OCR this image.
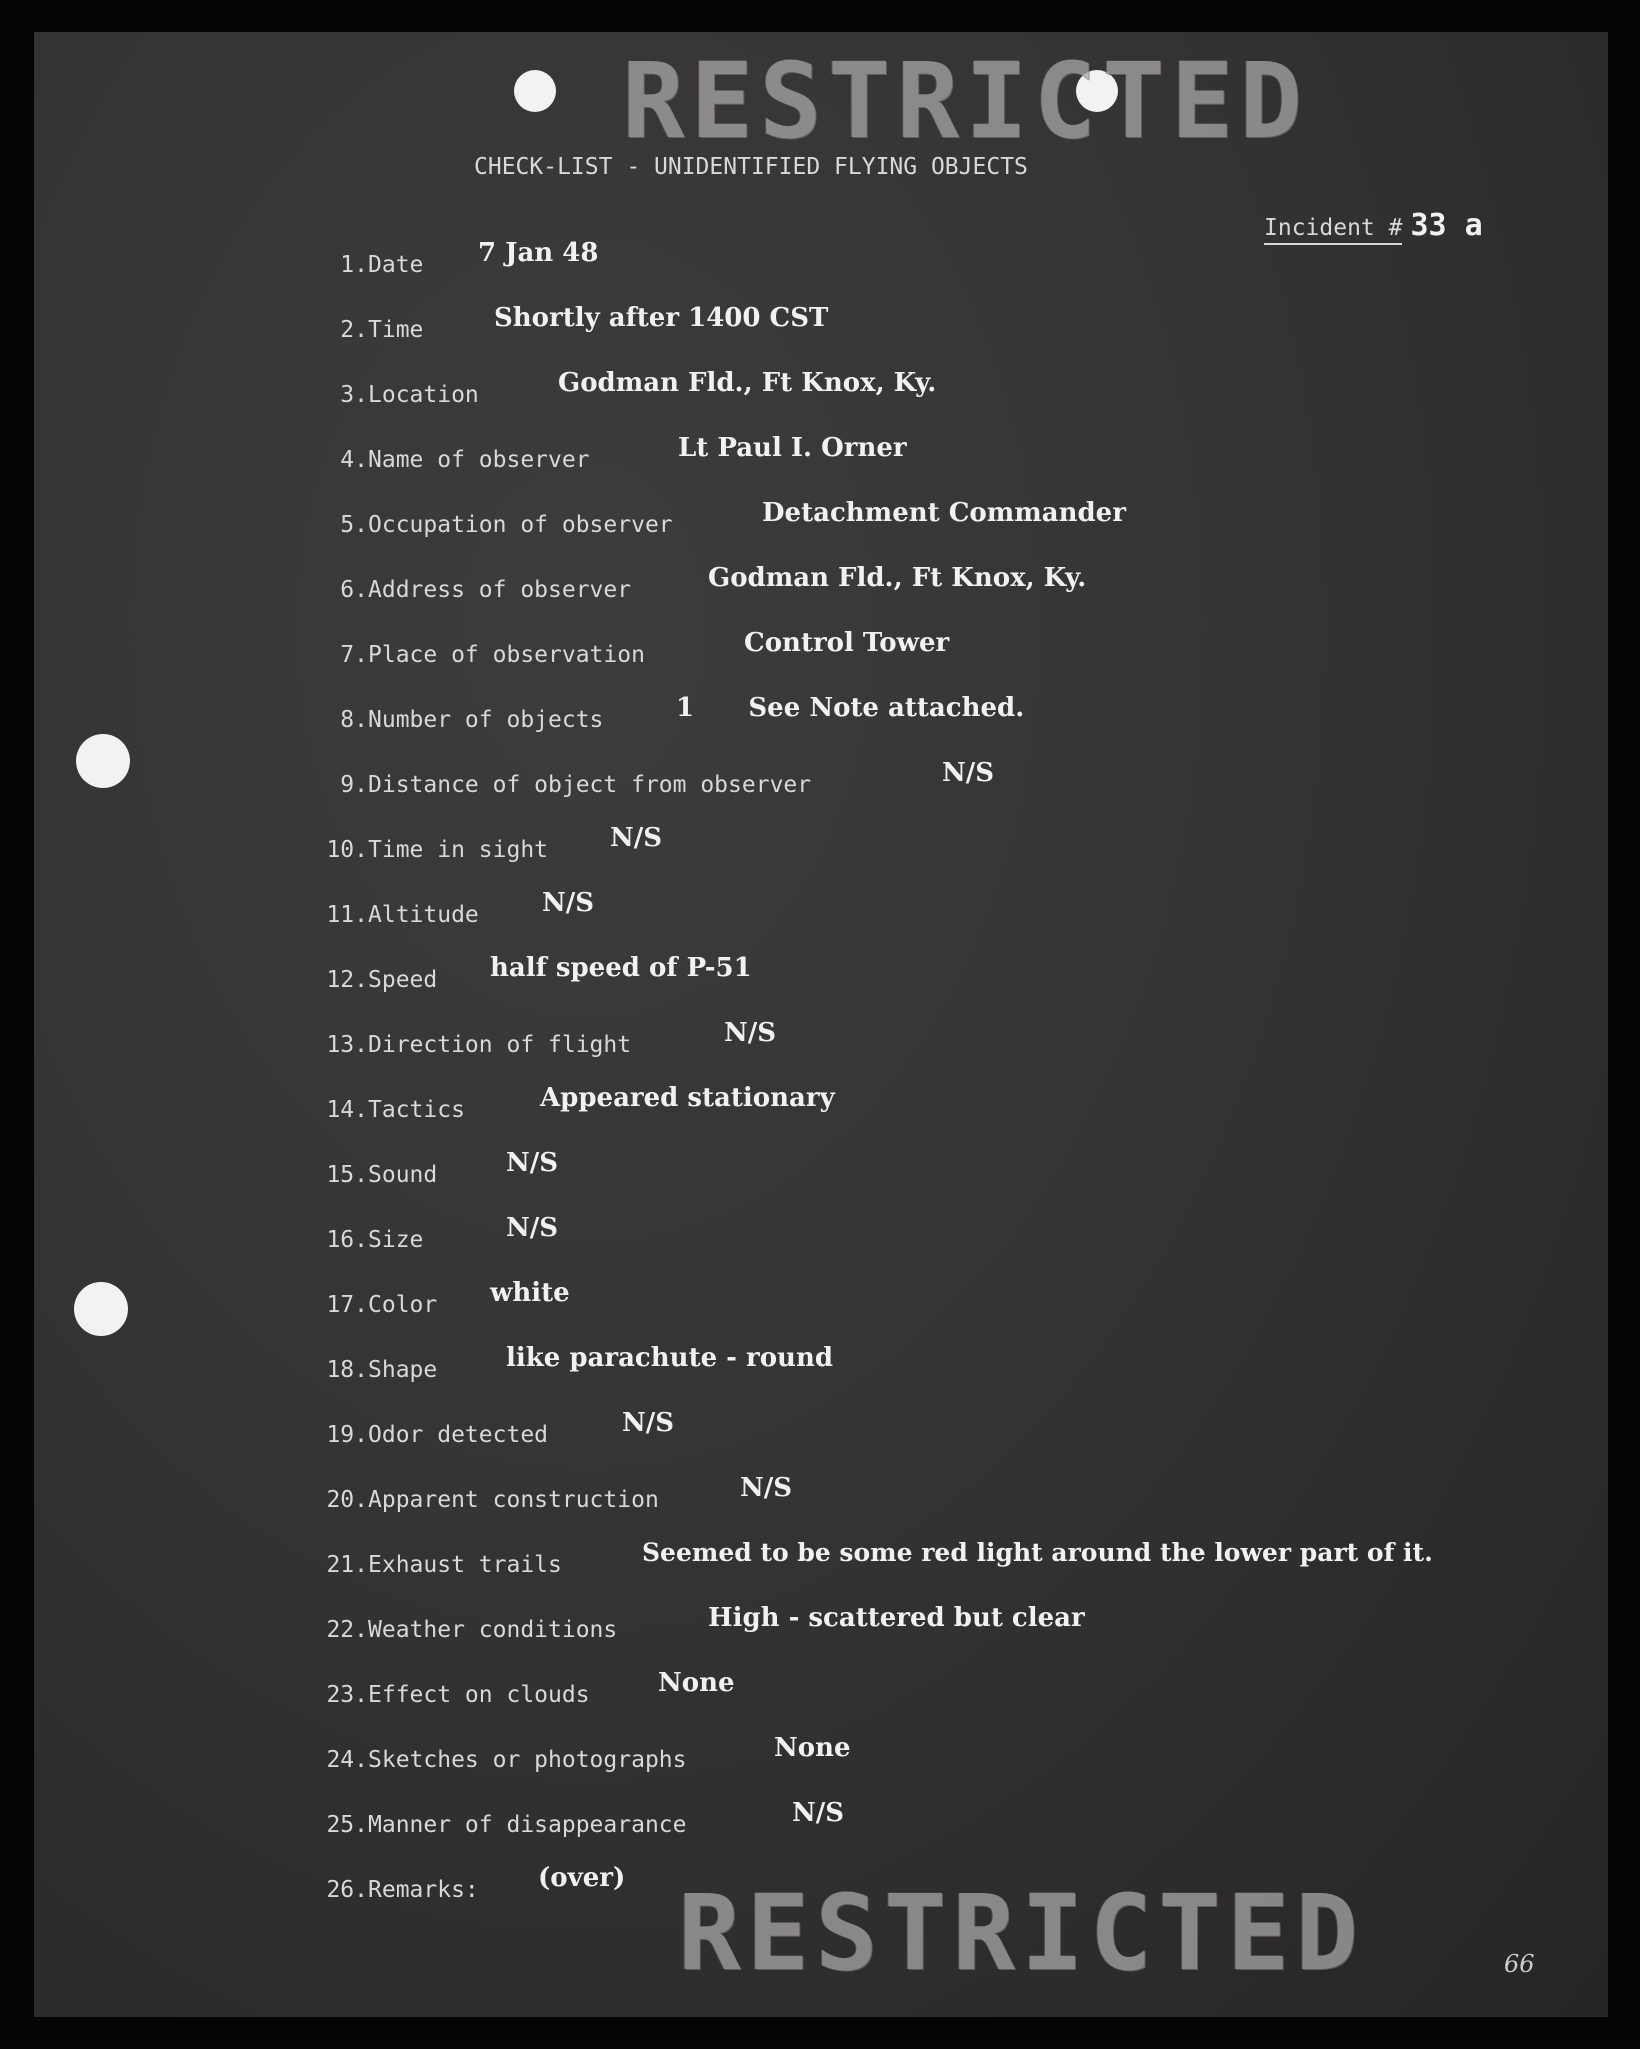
RESTRICTED
CHECK-LIST - UNIDENTIFIED FLYING OBJECTS
Incident # 33 a
1. Date 7 Jan 48
2. Time	Shortly after 1400 CST
3. Location	Godman Fld., Ft Knox, Ky.
4. Name of observer	Lt Paul I. Orner
5. Occupation of observer	Detachment Commander
6. Address of observer	Godman Fld., Ft Knox, Ky.
7. Place of observation	Control Tower
8. Number of objects	1      See Note attached.
9. Distance of object from observer	N/S
10. Time in sight N/S
11. Altitude N/S
12. Speed half speed of P-51
13. Direction of flight	N/S
14. Tactics	Appeared stationary
15. Sound	N/S
16. Size	N/S
17. Color white
18. Shape	like parachute - round
19. Odor detected	N/S
20. Apparent construction	N/S
21. Exhaust trails	Seemed to be some red light around the lower part of it.
22. Weather conditions	High - scattered but clear
23. Effect on clouds	None
24. Sketches or photographs	None
25. Manner of disappearance	N/S
26. Remarks: (over) RESTRICTED	66
